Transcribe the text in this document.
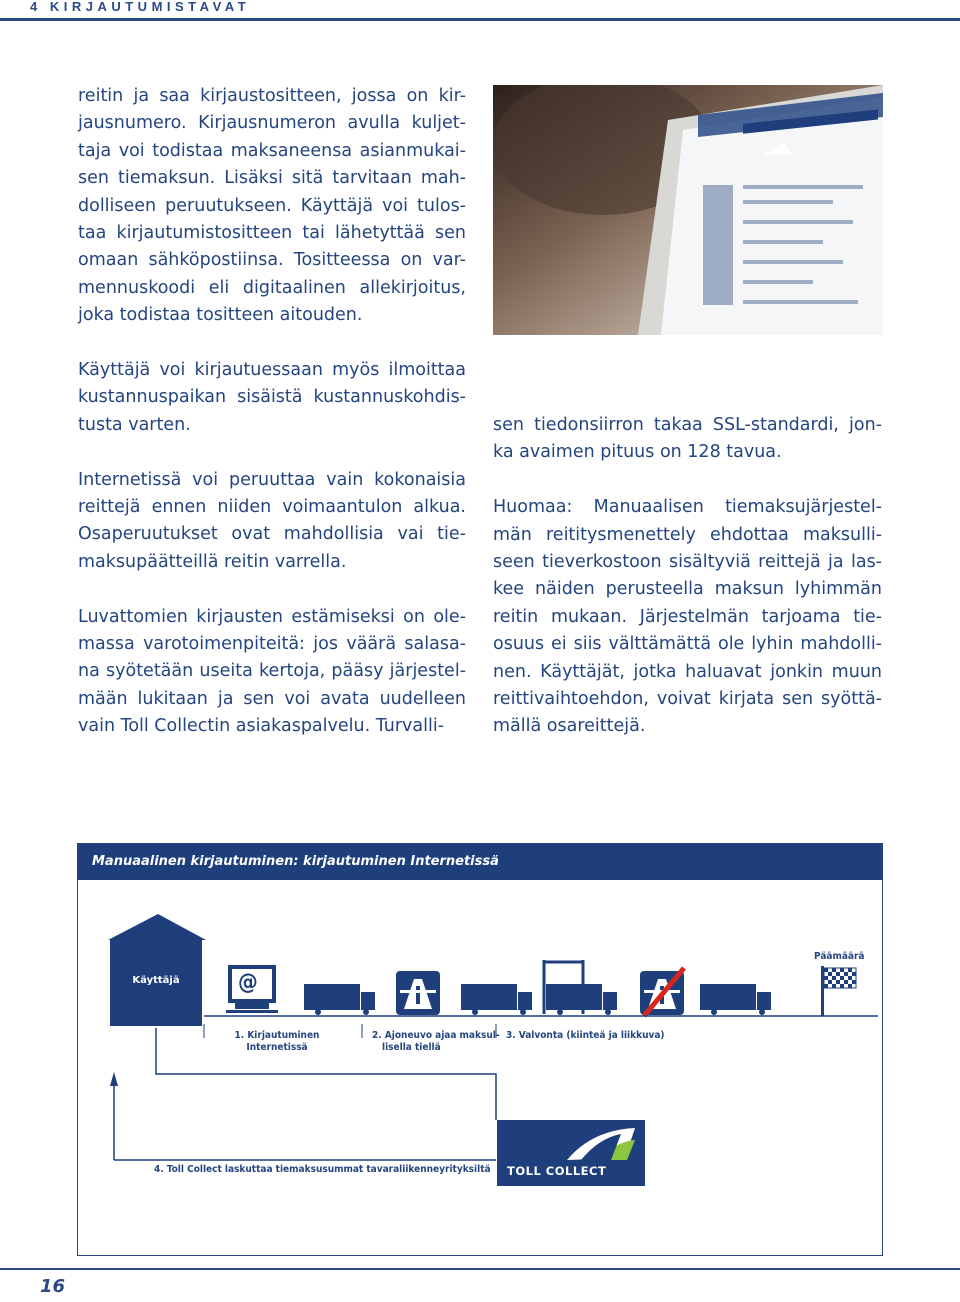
4 KIRJAUTUMISTAVAT

reitin ja saa kirjaustositteen, jossa on kir-
jausnumero. Kirjausnumeron avulla kuljet-
taja voi todistaa maksaneensa asianmukai-
sen tiemaksun. Lisäksi sitä tarvitaan mah-
dolliseen peruutukseen. Käyttäjä voi tulos-
taa kirjautumistositteen tai lähetyttää sen
omaan sähköpostiinsa. Tositteessa on var-
mennuskoodi eli digitaalinen allekirjoitus,
joka todistaa tositteen aitouden.

Käyttäjä voi kirjautuessaan myös ilmoittaa
kustannuspaikan sisäistä kustannuskohdis-
tusta varten.

Internetissä voi peruuttaa vain kokonaisia
reittejä ennen niiden voimaantulon alkua.
Osaperuutukset ovat mahdollisia vai tie-
maksupäätteillä reitin varrella.

Luvattomien kirjausten estämiseksi on ole-
massa varotoimenpiteitä: jos väärä salasa-
na syötetään useita kertoja, pääsy järjestel-
mään lukitaan ja sen voi avata uudelleen
vain Toll Collectin asiakaspalvelu. Turvalli-

sen tiedonsiirron takaa SSL-standardi, jon-
ka avaimen pituus on 128 tavua.

Huomaa: Manuaalisen tiemaksujärjestel-
män reititysmenettely ehdottaa maksulli-
seen tieverkostoon sisältyviä reittejä ja las-
kee näiden perusteella maksun lyhimmän
reitin mukaan. Järjestelmän tarjoama tie-
osuus ei siis välttämättä ole lyhin mahdolli-
nen. Käyttäjät, jotka haluavat jonkin muun
reittivaihtoehdon, voivat kirjata sen syöttä-
mällä osareittejä.

Manuaalinen kirjautuminen: kirjautuminen Internetissä
Käyttäjä	@
Päämäärä
1. Kirjautuminen
Internetissä
2. Ajoneuvo ajaa maksul-
lisella tiellä
3. Valvonta (kiinteä ja liikkuva)
4. Toll Collect laskuttaa tiemaksusummat tavaraliikenneyrityksiltä TOLL COLLECT
16
